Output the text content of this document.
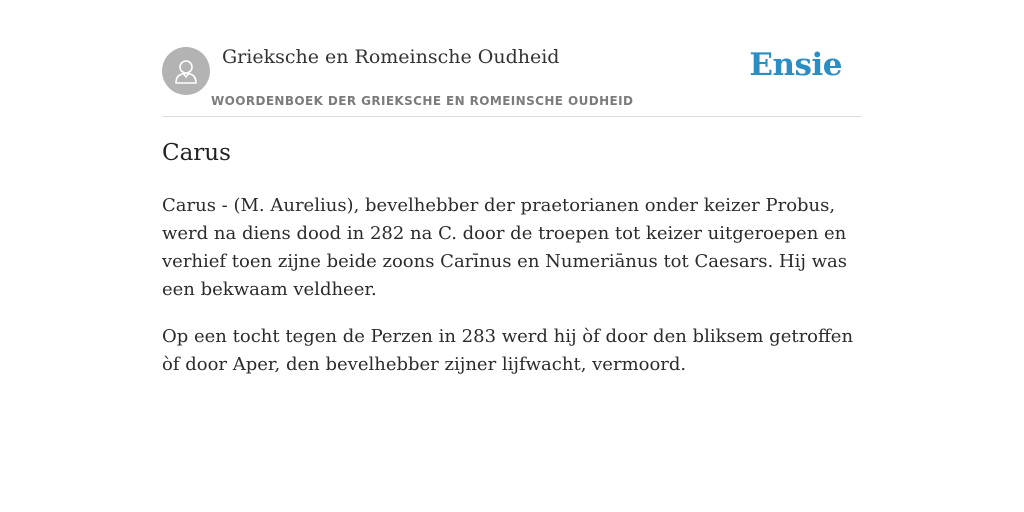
Grieksche en Romeinsche Oudheid
WOORDENBOEK DER GRIEKSCHE EN ROMEINSCHE OUDHEID
Ensie
Carus

Carus - (M. Aurelius), bevelhebber der praetorianen onder keizer Probus, werd na diens dood in 282 na C. door de troepen tot keizer uitgeroepen en verhief toen zijne beide zoons Carīnus en Numeriānus tot Caesars. Hij was een bekwaam veldheer.

Op een tocht tegen de Perzen in 283 werd hij òf door den bliksem getroffen òf door Aper, den bevelhebber zijner lijfwacht, vermoord.
